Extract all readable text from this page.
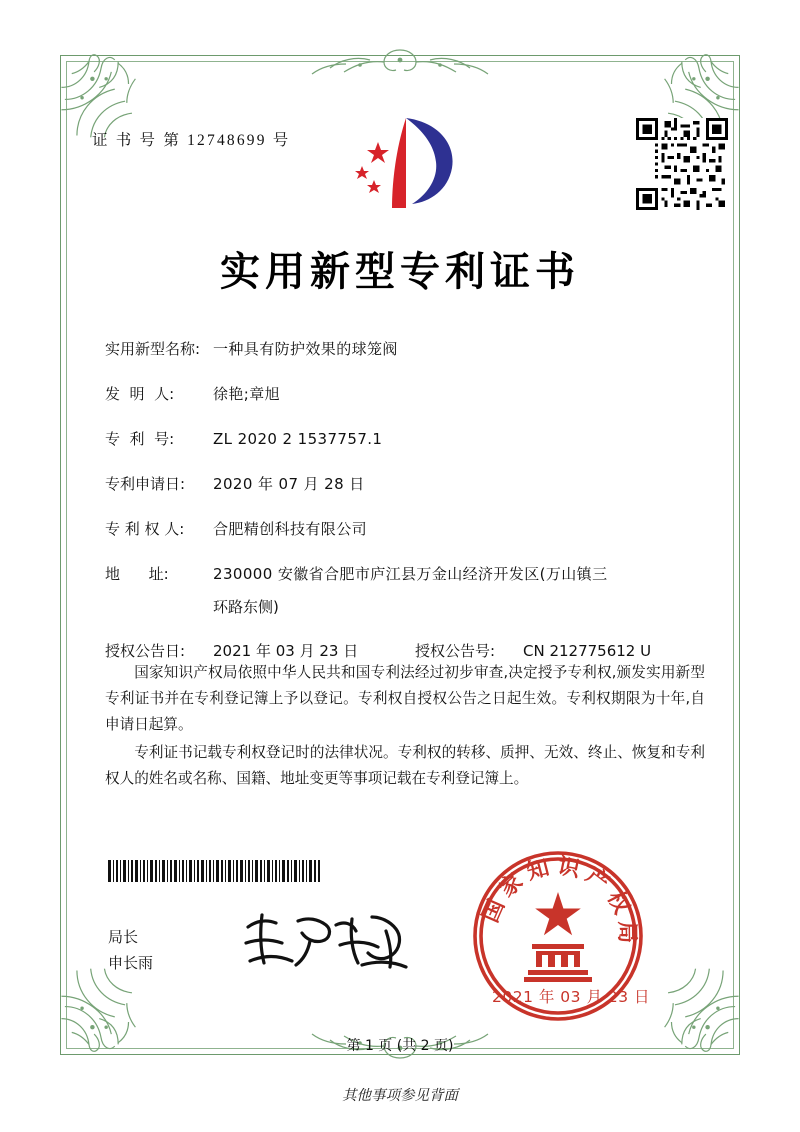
证 书 号 第 12748699 号
实用新型专利证书
实用新型名称: 一种具有防护效果的球笼阀
发  明  人:	徐艳;章旭
专  利  号:	ZL 2020 2 1537757.1
专利申请日:	2020 年 07 月 28 日
专 利 权 人:	合肥精创科技有限公司
地      址:	230000 安徽省合肥市庐江县万金山经济开发区(万山镇三
环路东侧)
授权公告日:	2021 年 03 月 23 日	授权公告号:	CN 212775612 U

国家知识产权局依照中华人民共和国专利法经过初步审查,决定授予专利权,颁发实用新型专利证书并在专利登记簿上予以登记。专利权自授权公告之日起生效。专利权期限为十年,自申请日起算。

专利证书记载专利权登记时的法律状况。专利权的转移、质押、无效、终止、恢复和专利权人的姓名或名称、国籍、地址变更等事项记载在专利登记簿上。

局长
申长雨
国家知识产权局
2021 年 03 月 23 日
第 1 页 (共 2 页)
其他事项参见背面
